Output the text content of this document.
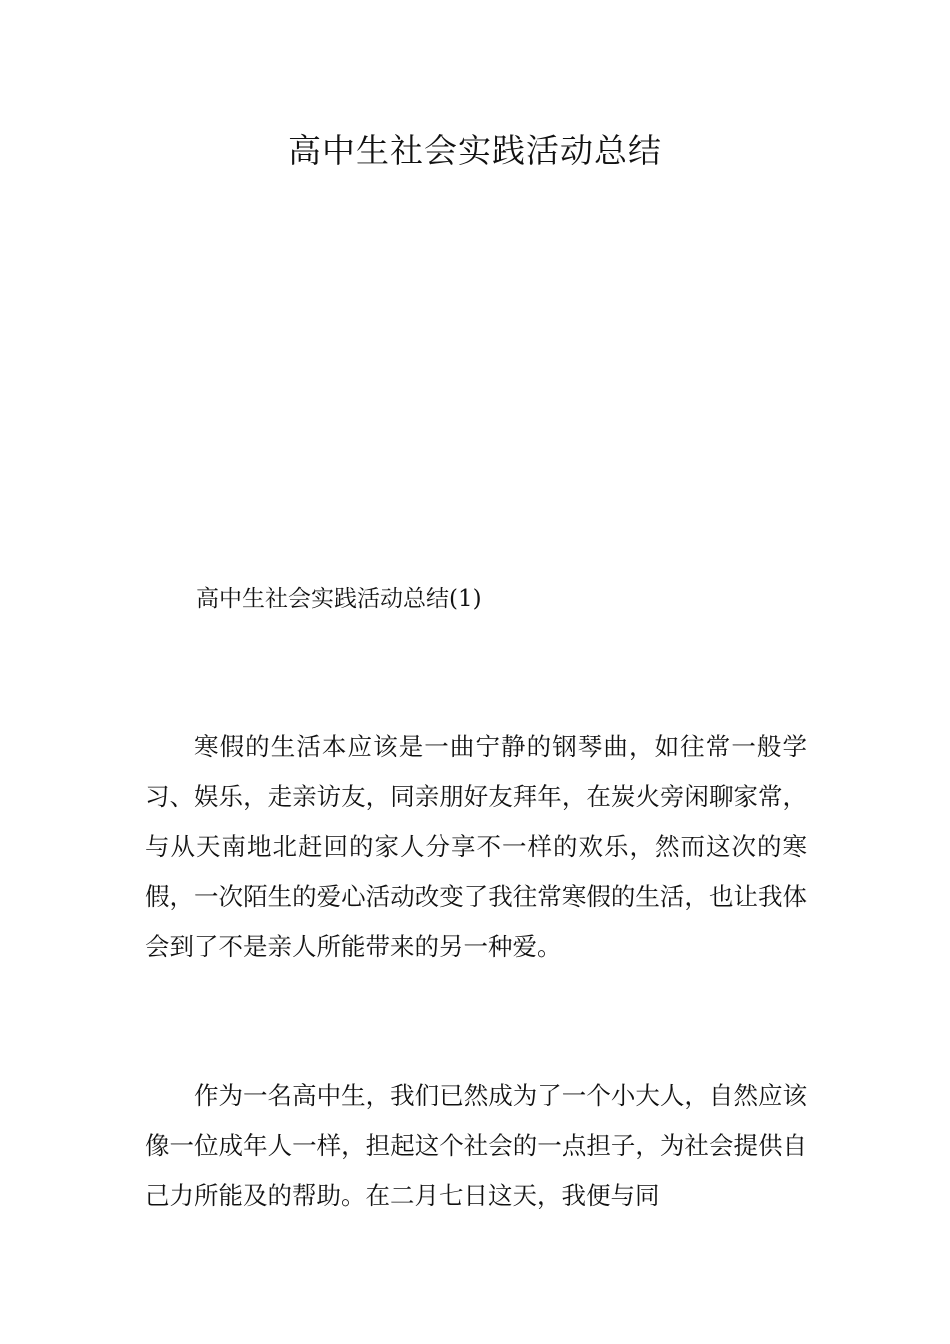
高中生社会实践活动总结

高中生社会实践活动总结(1)

寒假的生活本应该是一曲宁静的钢琴曲，如往常一般学习、娱乐，走亲访友，同亲朋好友拜年，在炭火旁闲聊家常，与从天南地北赶回的家人分享不一样的欢乐，然而这次的寒假，一次陌生的爱心活动改变了我往常寒假的生活，也让我体会到了不是亲人所能带来的另一种爱。

作为一名高中生，我们已然成为了一个小大人，自然应该像一位成年人一样，担起这个社会的一点担子，为社会提供自己力所能及的帮助。在二月七日这天，我便与同
